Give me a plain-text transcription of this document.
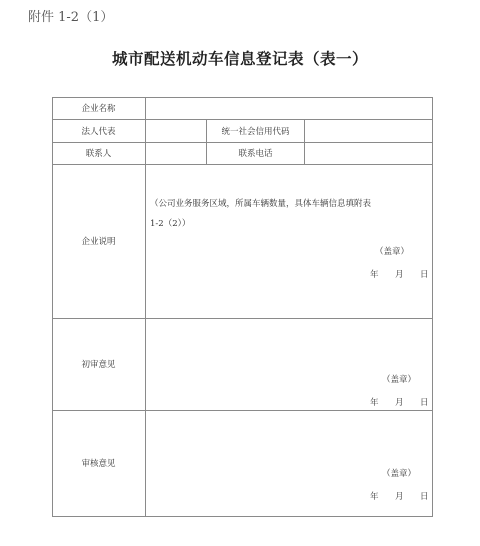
附件 1-2（1）
城市配送机动车信息登记表（表一）
企业名称
法人代表	统一社会信用代码
联系人	联系电话
企业说明
（公司业务服务区域，所属车辆数量，具体车辆信息填附表
1-2（2））
（盖章）
年 月 日
初审意见
（盖章）
年 月 日
审核意见
（盖章）
年 月 日
